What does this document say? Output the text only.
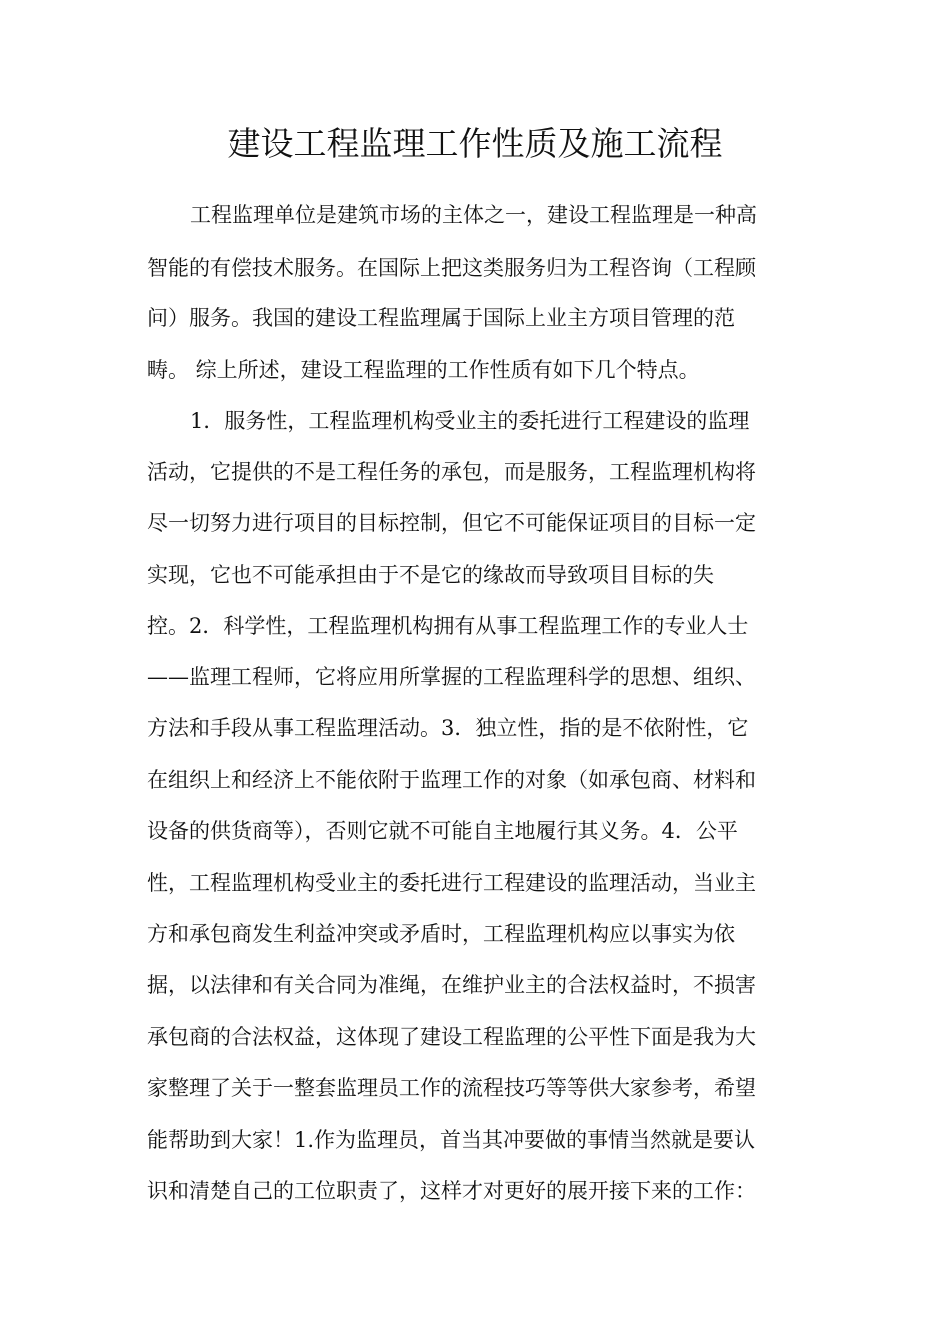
建设工程监理工作性质及施工流程

工程监理单位是建筑市场的主体之一，建设工程监理是一种高

智能的有偿技术服务。在国际上把这类服务归为工程咨询（工程顾

问）服务。我国的建设工程监理属于国际上业主方项目管理的范

畴。 综上所述，建设工程监理的工作性质有如下几个特点。

1．服务性，工程监理机构受业主的委托进行工程建设的监理

活动，它提供的不是工程任务的承包，而是服务，工程监理机构将

尽一切努力进行项目的目标控制，但它不可能保证项目的目标一定

实现，它也不可能承担由于不是它的缘故而导致项目目标的失

控。2．科学性，工程监理机构拥有从事工程监理工作的专业人士

——监理工程师，它将应用所掌握的工程监理科学的思想、组织、

方法和手段从事工程监理活动。3．独立性，指的是不依附性，它

在组织上和经济上不能依附于监理工作的对象（如承包商、材料和

设备的供货商等），否则它就不可能自主地履行其义务。4．公平

性，工程监理机构受业主的委托进行工程建设的监理活动，当业主

方和承包商发生利益冲突或矛盾时，工程监理机构应以事实为依

据，以法律和有关合同为准绳，在维护业主的合法权益时，不损害

承包商的合法权益，这体现了建设工程监理的公平性下面是我为大

家整理了关于一整套监理员工作的流程技巧等等供大家参考，希望

能帮助到大家！1.作为监理员，首当其冲要做的事情当然就是要认

识和清楚自己的工位职责了，这样才对更好的展开接下来的工作：
